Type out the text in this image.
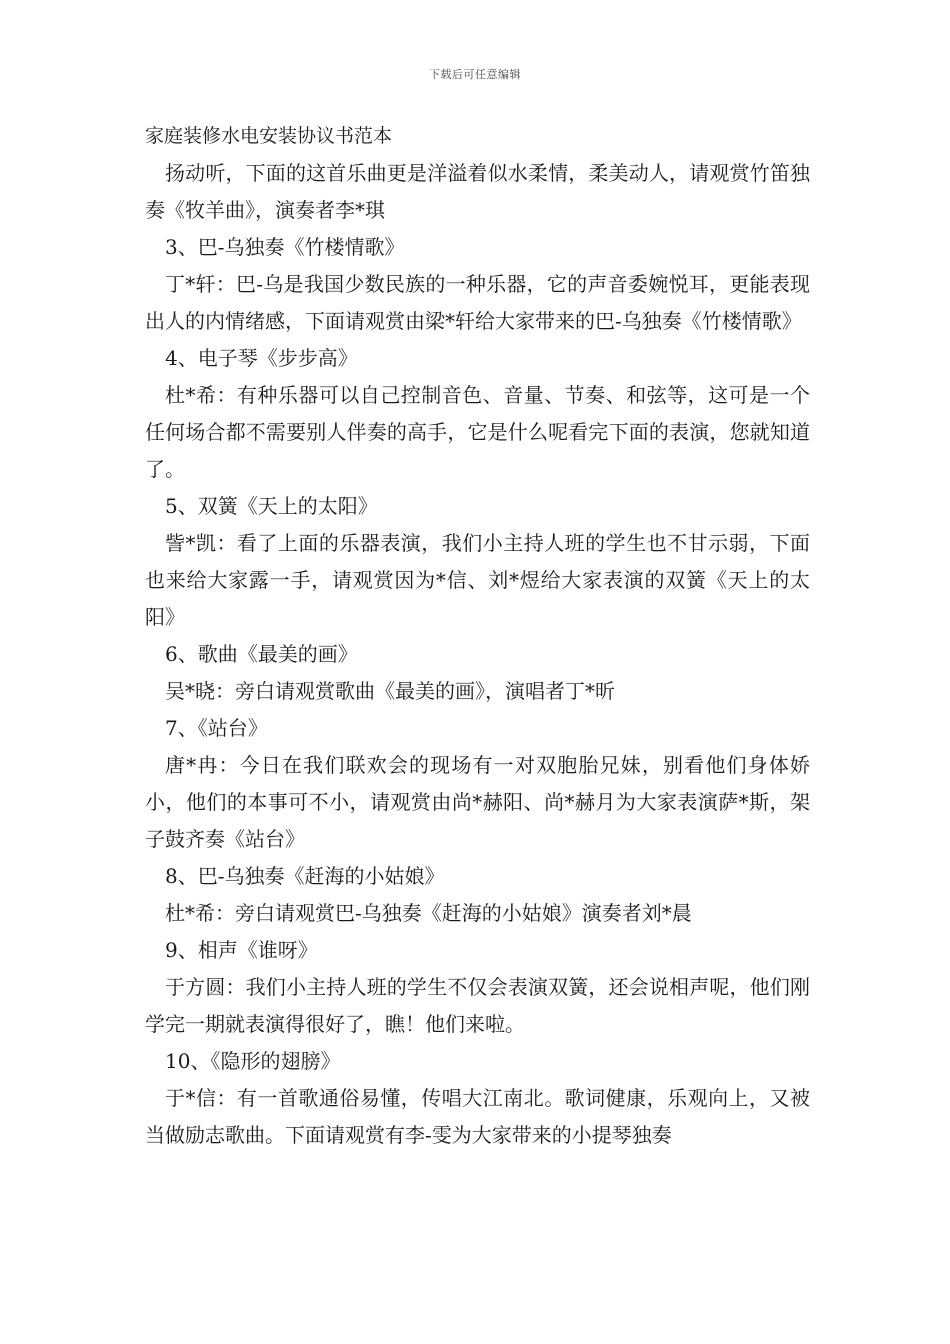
下载后可任意编辑

家庭装修水电安装协议书范本

扬动听，下面的这首乐曲更是洋溢着似水柔情，柔美动人，请观赏竹笛独奏《牧羊曲》，演奏者李*琪

3、巴-乌独奏《竹楼情歌》

丁*轩：巴-乌是我国少数民族的一种乐器，它的声音委婉悦耳，更能表现出人的内情绪感，下面请观赏由梁*轩给大家带来的巴-乌独奏《竹楼情歌》

4、电子琴《步步高》

杜*希：有种乐器可以自己控制音色、音量、节奏、和弦等，这可是一个任何场合都不需要别人伴奏的高手，它是什么呢看完下面的表演，您就知道了。

5、双簧《天上的太阳》

訾*凯：看了上面的乐器表演，我们小主持人班的学生也不甘示弱，下面也来给大家露一手，请观赏因为*信、刘*煜给大家表演的双簧《天上的太阳》

6、歌曲《最美的画》

吴*晓：旁白请观赏歌曲《最美的画》，演唱者丁*昕

7、《站台》

唐*冉：今日在我们联欢会的现场有一对双胞胎兄妹，别看他们身体娇小，他们的本事可不小，请观赏由尚*赫阳、尚*赫月为大家表演萨*斯，架子鼓齐奏《站台》

8、巴-乌独奏《赶海的小姑娘》

杜*希：旁白请观赏巴-乌独奏《赶海的小姑娘》演奏者刘*晨

9、相声《谁呀》

于方圆：我们小主持人班的学生不仅会表演双簧，还会说相声呢，他们刚学完一期就表演得很好了，瞧！他们来啦。

10、《隐形的翅膀》

于*信：有一首歌通俗易懂，传唱大江南北。歌词健康，乐观向上，又被当做励志歌曲。下面请观赏有李-雯为大家带来的小提琴独奏
